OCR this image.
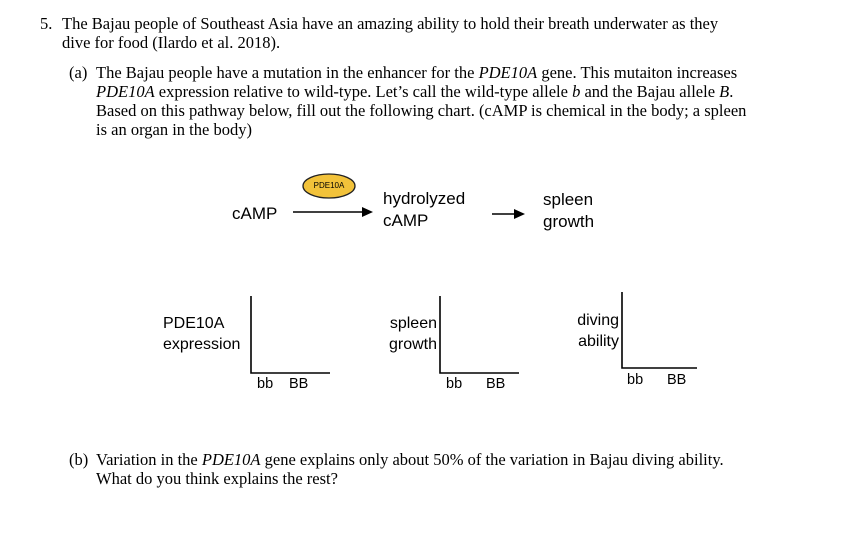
5. The Bajau people of Southeast Asia have an amazing ability to hold their breath underwater as they
dive for food (Ilardo et al. 2018).
(a) The Bajau people have a mutation in the enhancer for the PDE10A gene. This mutaiton increases
PDE10A expression relative to wild-type. Let’s call the wild-type allele b and the Bajau allele B.
Based on this pathway below, fill out the following chart. (cAMP is chemical in the body; a spleen
is an organ in the body)
PDE10A
cAMP
hydrolyzed
cAMP
spleen
growth
PDE10A
expression
bb BB
spleen
growth
bb BB
diving
ability
bb BB
(b) Variation in the PDE10A gene explains only about 50% of the variation in Bajau diving ability.
What do you think explains the rest?
